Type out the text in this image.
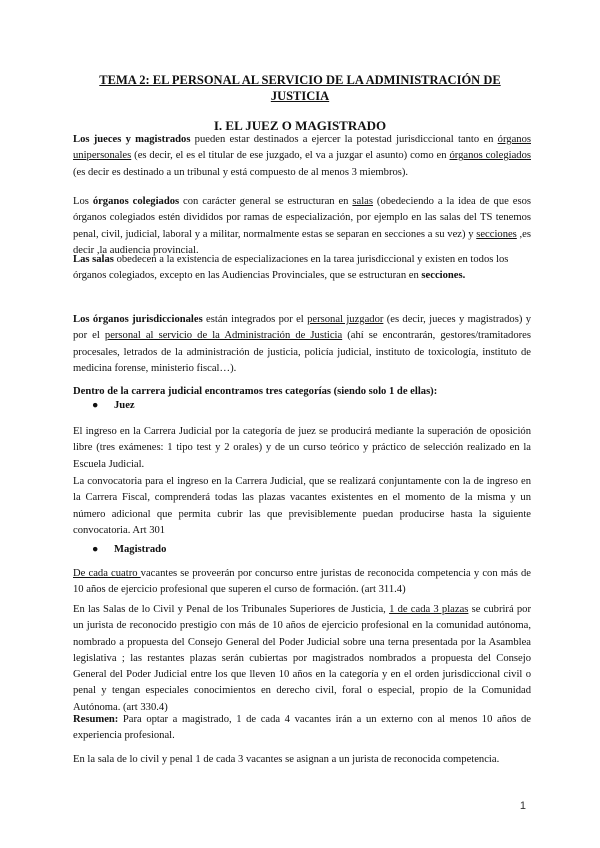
TEMA 2: EL PERSONAL AL SERVICIO DE LA ADMINISTRACIÓN DE JUSTICIA
I. EL JUEZ O MAGISTRADO

Los jueces y magistrados pueden estar destinados a ejercer la potestad jurisdiccional tanto en órganos unipersonales (es decir, el es el titular de ese juzgado, el va a juzgar el asunto) como en órganos colegiados (es decir es destinado a un tribunal y está compuesto de al menos 3 miembros).

Los órganos colegiados con carácter general se estructuran en salas (obedeciendo a la idea de que esos órganos colegiados estén divididos por ramas de especialización, por ejemplo en las salas del TS tenemos penal, civil, judicial, laboral y a militar, normalmente estas se separan en secciones a su vez) y secciones ,es decir ,la audiencia provincial.

Las salas obedecen a la existencia de especializaciones en la tarea jurisdiccional y existen en todos los órganos colegiados, excepto en las Audiencias Provinciales, que se estructuran en secciones.

Los órganos jurisdiccionales están integrados por el personal juzgador (es decir, jueces y magistrados) y por el personal al servicio de la Administración de Justicia (ahí se encontrarán, gestores/tramitadores procesales, letrados de la administración de justicia, policía judicial, instituto de toxicología, instituto de medicina forense, ministerio fiscal…).

Dentro de la carrera judicial encontramos tres categorías (siendo solo 1 de ellas):

● Juez

El ingreso en la Carrera Judicial por la categoría de juez se producirá mediante la superación de oposición libre (tres exámenes: 1 tipo test y 2 orales) y de un curso teórico y práctico de selección realizado en la Escuela Judicial.

La convocatoria para el ingreso en la Carrera Judicial, que se realizará conjuntamente con la de ingreso en la Carrera Fiscal, comprenderá todas las plazas vacantes existentes en el momento de la misma y un número adicional que permita cubrir las que previsiblemente puedan producirse hasta la siguiente convocatoria. Art 301

● Magistrado

De cada cuatro vacantes se proveerán por concurso entre juristas de reconocida competencia y con más de 10 años de ejercicio profesional que superen el curso de formación. (art 311.4)

En las Salas de lo Civil y Penal de los Tribunales Superiores de Justicia, 1 de cada 3 plazas se cubrirá por un jurista de reconocido prestigio con más de 10 años de ejercicio profesional en la comunidad autónoma, nombrado a propuesta del Consejo General del Poder Judicial sobre una terna presentada por la Asamblea legislativa ; las restantes plazas serán cubiertas por magistrados nombrados a propuesta del Consejo General del Poder Judicial entre los que lleven 10 años en la categoría y en el orden jurisdiccional civil o penal y tengan especiales conocimientos en derecho civil, foral o especial, propio de la Comunidad Autónoma. (art 330.4)

Resumen: Para optar a magistrado, 1 de cada 4 vacantes irán a un externo con al menos 10 años de experiencia profesional.

En la sala de lo civil y penal 1 de cada 3 vacantes se asignan a un jurista de reconocida competencia.

1
